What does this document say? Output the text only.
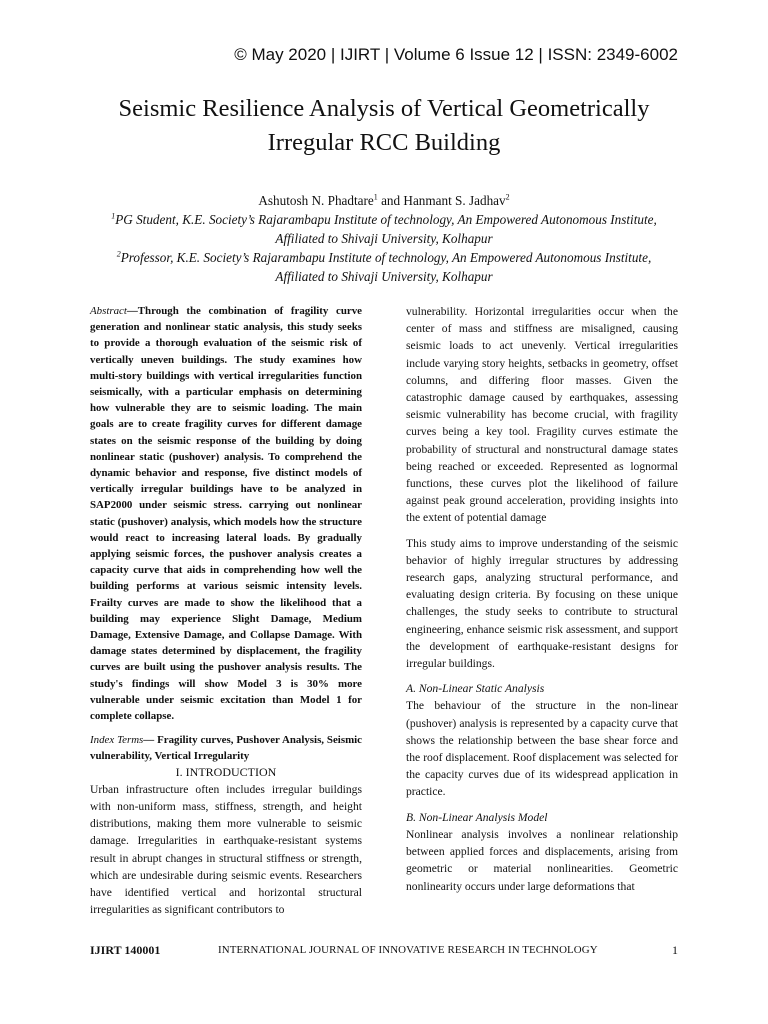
© May 2020 | IJIRT | Volume 6 Issue 12 | ISSN: 2349-6002
Seismic Resilience Analysis of Vertical Geometrically
Irregular RCC Building
Ashutosh N. Phadtare$^1$ and Hanmant S. Jadhav$^2$
$^1$PG Student, K.E. Society’s Rajarambapu Institute of technology, An Empowered Autonomous Institute,
Affiliated to Shivaji University, Kolhapur
$^2$Professor, K.E. Society’s Rajarambapu Institute of technology, An Empowered Autonomous Institute,
Affiliated to Shivaji University, Kolhapur

Abstract—Through the combination of fragility curve generation and nonlinear static analysis, this study seeks to provide a thorough evaluation of the seismic risk of vertically uneven buildings. The study examines how multi-story buildings with vertical irregularities function seismically, with a particular emphasis on determining how vulnerable they are to seismic loading. The main goals are to create fragility curves for different damage states on the seismic response of the building by doing nonlinear static (pushover) analysis. To comprehend the dynamic behavior and response, five distinct models of vertically irregular buildings have to be analyzed in SAP2000 under seismic stress. carrying out nonlinear static (pushover) analysis, which models how the structure would react to increasing lateral loads. By gradually applying seismic forces, the pushover analysis creates a capacity curve that aids in comprehending how well the building performs at various seismic intensity levels. Frailty curves are made to show the likelihood that a building may experience Slight Damage, Medium Damage, Extensive Damage, and Collapse Damage. With damage states determined by displacement, the fragility curves are built using the pushover analysis results. The study's findings will show Model 3 is 30% more vulnerable under seismic excitation than Model 1 for complete collapse.

Index Terms— Fragility curves, Pushover Analysis, Seismic vulnerability, Vertical Irregularity

I. INTRODUCTION

Urban infrastructure often includes irregular buildings with non-uniform mass, stiffness, strength, and height distributions, making them more vulnerable to seismic damage. Irregularities in earthquake-resistant systems result in abrupt changes in structural stiffness or strength, which are undesirable during seismic events. Researchers have identified vertical and horizontal structural irregularities as significant contributors to

vulnerability. Horizontal irregularities occur when the center of mass and stiffness are misaligned, causing seismic loads to act unevenly. Vertical irregularities include varying story heights, setbacks in geometry, offset columns, and differing floor masses. Given the catastrophic damage caused by earthquakes, assessing seismic vulnerability has become crucial, with fragility curves being a key tool. Fragility curves estimate the probability of structural and nonstructural damage states being reached or exceeded. Represented as lognormal functions, these curves plot the likelihood of failure against peak ground acceleration, providing insights into the extent of potential damage

This study aims to improve understanding of the seismic behavior of highly irregular structures by addressing research gaps, analyzing structural performance, and evaluating design criteria. By focusing on these unique challenges, the study seeks to contribute to structural engineering, enhance seismic risk assessment, and support the development of earthquake-resistant designs for irregular buildings.

A. Non-Linear Static Analysis

The behaviour of the structure in the non-linear (pushover) analysis is represented by a capacity curve that shows the relationship between the base shear force and the roof displacement. Roof displacement was selected for the capacity curves due of its widespread application in practice.

B. Non-Linear Analysis Model

Nonlinear analysis involves a nonlinear relationship between applied forces and displacements, arising from geometric or material nonlinearities. Geometric nonlinearity occurs under large deformations that

IJIRT 140001	INTERNATIONAL JOURNAL OF INNOVATIVE RESEARCH IN TECHNOLOGY	1
